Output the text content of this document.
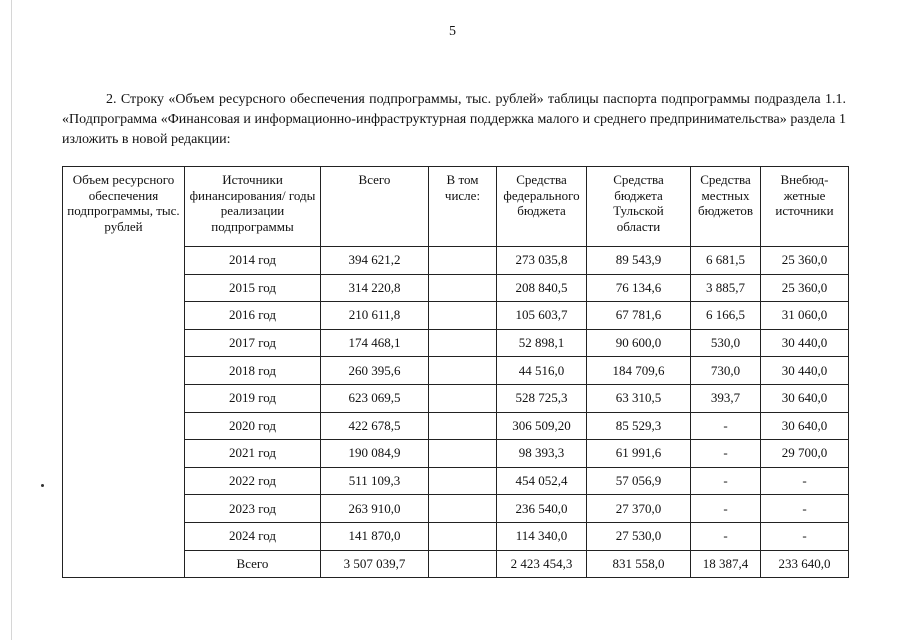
5
2. Строку «Объем ресурсного обеспечения подпрограммы, тыс. рублей» таблицы паспорта подпрограммы подраздела 1.1. «Подпрограмма «Финансовая и информационно-инфраструктурная поддержка малого и среднего предпринимательства» раздела 1 изложить в новой редакции:
Объем ресурсного обеспечения подпрограммы, тыс. рублей	Источники финансирования/ годы реализации подпрограммы	Всего	В том числе:	Средства федерального бюджета	Средства бюджета Тульской области	Средства местных бюджетов	Внебюд-жетные источники
	2014 год	394 621,2		273 035,8	89 543,9	6 681,5	25 360,0
	2015 год	314 220,8		208 840,5	76 134,6	3 885,7	25 360,0
	2016 год	210 611,8		105 603,7	67 781,6	6 166,5	31 060,0
	2017 год	174 468,1		52 898,1	90 600,0	530,0	30 440,0
	2018 год	260 395,6		44 516,0	184 709,6	730,0	30 440,0
	2019 год	623 069,5		528 725,3	63 310,5	393,7	30 640,0
	2020 год	422 678,5		306 509,20	85 529,3	-	30 640,0
	2021 год	190 084,9		98 393,3	61 991,6	-	29 700,0
	2022 год	511 109,3		454 052,4	57 056,9	-	-
	2023 год	263 910,0		236 540,0	27 370,0	-	-
	2024 год	141 870,0		114 340,0	27 530,0	-	-
	Всего	3 507 039,7		2 423 454,3	831 558,0	18 387,4	233 640,0
